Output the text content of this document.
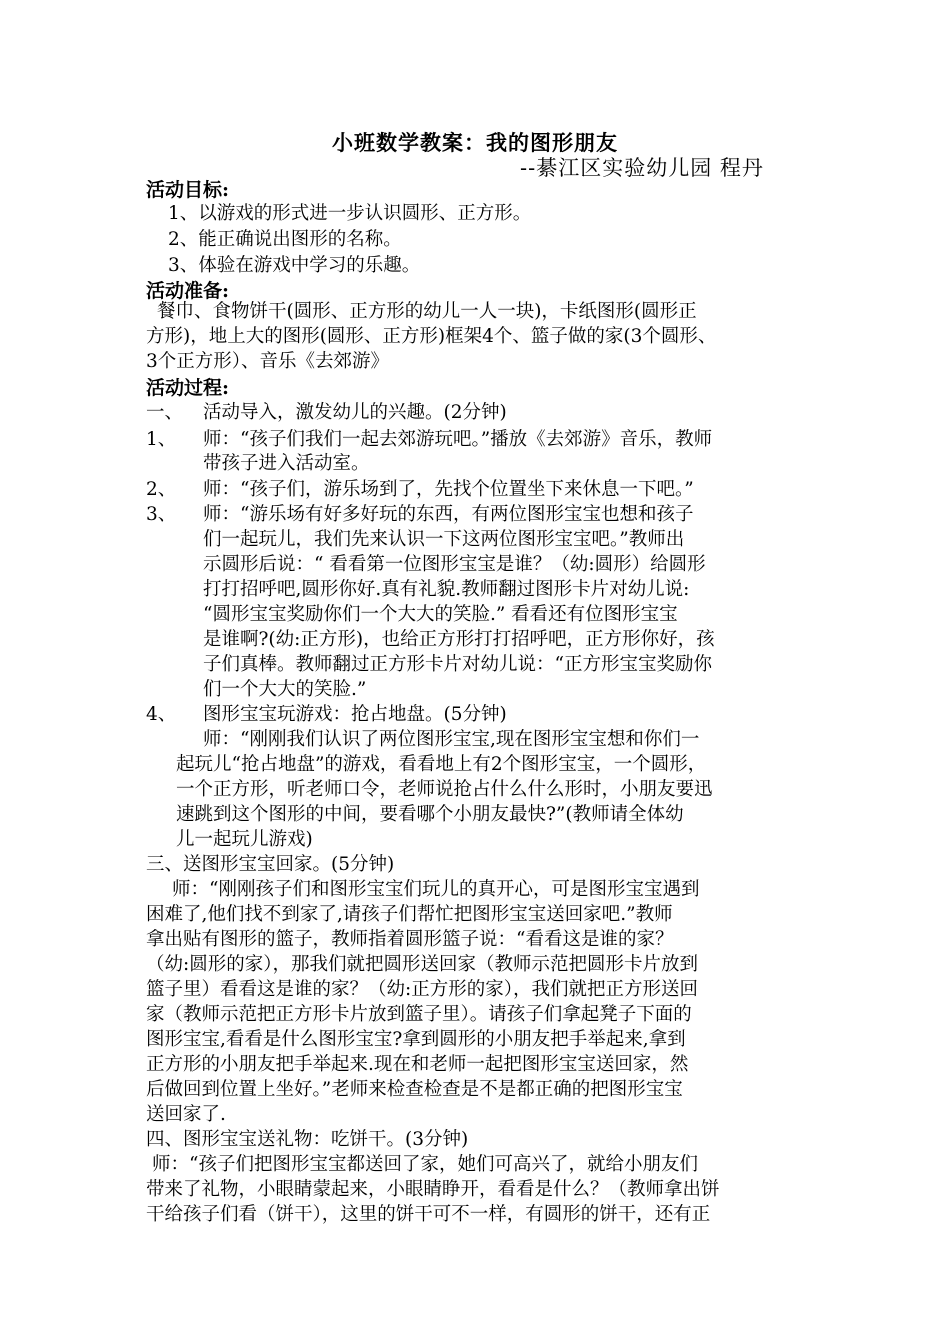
小班数学教案：我的图形朋友
--綦江区实验幼儿园 程丹
活动目标:
1、以游戏的形式进一步认识圆形、正方形。
2、能正确说出图形的名称。
3、体验在游戏中学习的乐趣。
活动准备:
餐巾、食物饼干(圆形、正方形的幼儿一人一块)，卡纸图形(圆形正
方形)，地上大的图形(圆形、正方形)框架4个、篮子做的家(3个圆形、
3个正方形）、音乐《去郊游》
活动过程:
一、 活动导入，激发幼儿的兴趣。(2分钟)
1、 师：“孩子们我们一起去郊游玩吧。”播放《去郊游》音乐，教师
带孩子进入活动室。
2、 师：“孩子们，游乐场到了，先找个位置坐下来休息一下吧。”
3、 师：“游乐场有好多好玩的东西，有两位图形宝宝也想和孩子
们一起玩儿，我们先来认识一下这两位图形宝宝吧。”教师出
示圆形后说：“ 看看第一位图形宝宝是谁？（幼:圆形）给圆形
打打招呼吧,圆形你好.真有礼貌.教师翻过图形卡片对幼儿说:
“圆形宝宝奖励你们一个大大的笑脸.” 看看还有位图形宝宝
是谁啊?(幼:正方形)，也给正方形打打招呼吧，正方形你好，孩
子们真棒。教师翻过正方形卡片对幼儿说：“正方形宝宝奖励你
们一个大大的笑脸.”
4、 图形宝宝玩游戏：抢占地盘。(5分钟)
师：“刚刚我们认识了两位图形宝宝,现在图形宝宝想和你们一
起玩儿“抢占地盘”的游戏，看看地上有2个图形宝宝，一个圆形，
一个正方形，听老师口令，老师说抢占什么什么形时，小朋友要迅
速跳到这个图形的中间，要看哪个小朋友最快?”(教师请全体幼
儿一起玩儿游戏)
三、送图形宝宝回家。(5分钟)
师：“刚刚孩子们和图形宝宝们玩儿的真开心，可是图形宝宝遇到
困难了,他们找不到家了,请孩子们帮忙把图形宝宝送回家吧.”教师
拿出贴有图形的篮子，教师指着圆形篮子说：“看看这是谁的家？
（幼:圆形的家），那我们就把圆形送回家（教师示范把圆形卡片放到
篮子里）看看这是谁的家？（幼:正方形的家），我们就把正方形送回
家（教师示范把正方形卡片放到篮子里）。请孩子们拿起凳子下面的
图形宝宝,看看是什么图形宝宝?拿到圆形的小朋友把手举起来,拿到
正方形的小朋友把手举起来.现在和老师一起把图形宝宝送回家，然
后做回到位置上坐好。”老师来检查检查是不是都正确的把图形宝宝
送回家了.
四、图形宝宝送礼物：吃饼干。(3分钟)
师：“孩子们把图形宝宝都送回了家，她们可高兴了，就给小朋友们
带来了礼物，小眼睛蒙起来，小眼睛睁开，看看是什么？（教师拿出饼
干给孩子们看（饼干），这里的饼干可不一样，有圆形的饼干，还有正
